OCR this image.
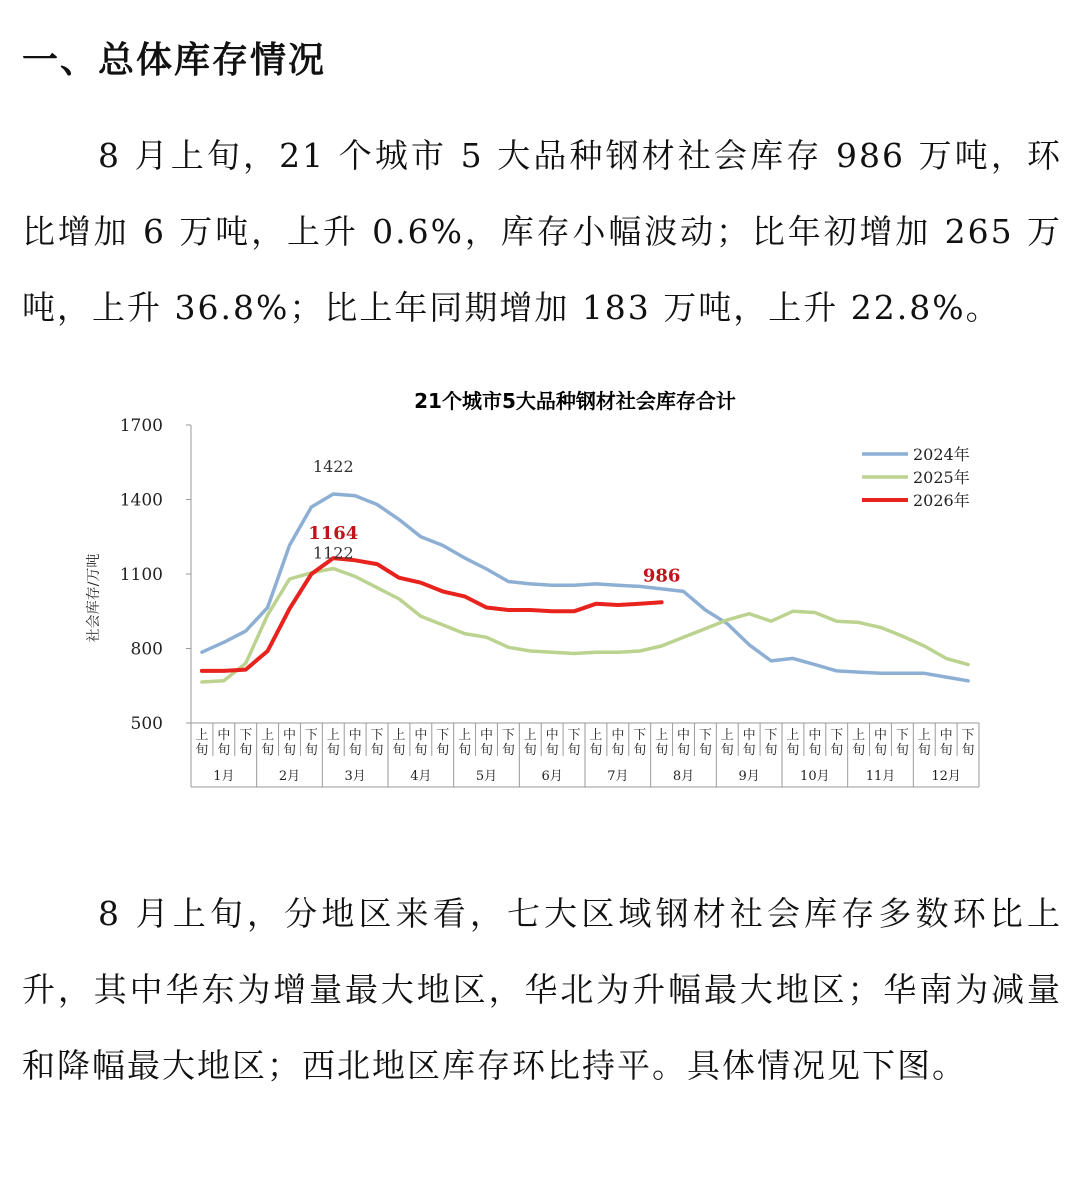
一、总体库存情况

8 月上旬，21 个城市 5 大品种钢材社会库存 986 万吨，环比增加 6 万吨，上升 0.6%，库存小幅波动；比年初增加 265 万吨，上升 36.8%；比上年同期增加 183 万吨，上升 22.8%。

21个城市5大品种钢材社会库存合计
500
800
1100
1400
1700
社会库存/万吨
1422
1122
1164
986
上
旬
中
旬
下
旬
上
旬
中
旬
下
旬
上
旬
中
旬
下
旬
上
旬
中
旬
下
旬
上
旬
中
旬
下
旬
上
旬
中
旬
下
旬
上
旬
中
旬
下
旬
上
旬
中
旬
下
旬
上
旬
中
旬
下
旬
上
旬
中
旬
下
旬
上
旬
中
旬
下
旬
上
旬
中
旬
下
旬
1月	2月	3月	4月	5月	6月	7月	8月	9月	10月	11月	12月
2024年
2025年
2026年

8 月上旬，分地区来看，七大区域钢材社会库存多数环比上升，其中华东为增量最大地区，华北为升幅最大地区；华南为减量和降幅最大地区；西北地区库存环比持平。具体情况见下图。
